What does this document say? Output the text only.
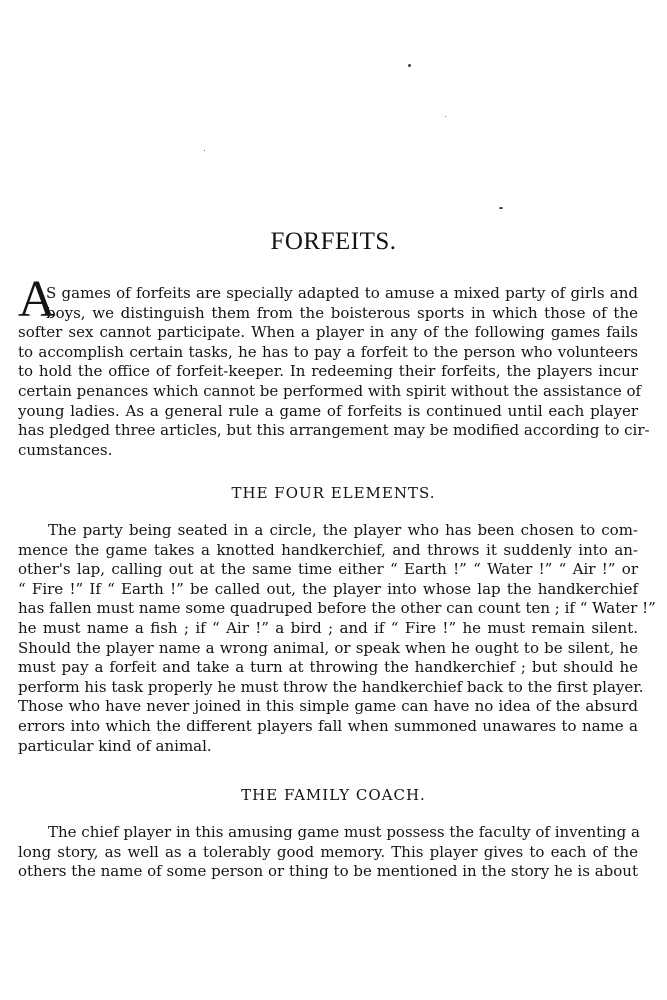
FORFEITS.
A
S games of forfeits are specially adapted to amuse a mixed party of girls and
boys, we distinguish them from the boisterous sports in which those of the
softer sex cannot participate. When a player in any of the following games fails
to accomplish certain tasks, he has to pay a forfeit to the person who volunteers
to hold the office of forfeit-keeper. In redeeming their forfeits, the players incur
certain penances which cannot be performed with spirit without the assistance of
young ladies. As a general rule a game of forfeits is continued until each player
has pledged three articles, but this arrangement may be modified according to cir-
cumstances.
THE FOUR ELEMENTS.
The party being seated in a circle, the player who has been chosen to com-
mence the game takes a knotted handkerchief, and throws it suddenly into an-
other's lap, calling out at the same time either “ Earth !” “ Water !” “ Air !” or
“ Fire !” If “ Earth !” be called out, the player into whose lap the handkerchief
has fallen must name some quadruped before the other can count ten ; if “ Water !”
he must name a fish ; if “ Air !” a bird ; and if “ Fire !” he must remain silent.
Should the player name a wrong animal, or speak when he ought to be silent, he
must pay a forfeit and take a turn at throwing the handkerchief ; but should he
perform his task properly he must throw the handkerchief back to the first player.
Those who have never joined in this simple game can have no idea of the absurd
errors into which the different players fall when summoned unawares to name a
particular kind of animal.
THE FAMILY COACH.
The chief player in this amusing game must possess the faculty of inventing a
long story, as well as a tolerably good memory. This player gives to each of the
others the name of some person or thing to be mentioned in the story he is about
